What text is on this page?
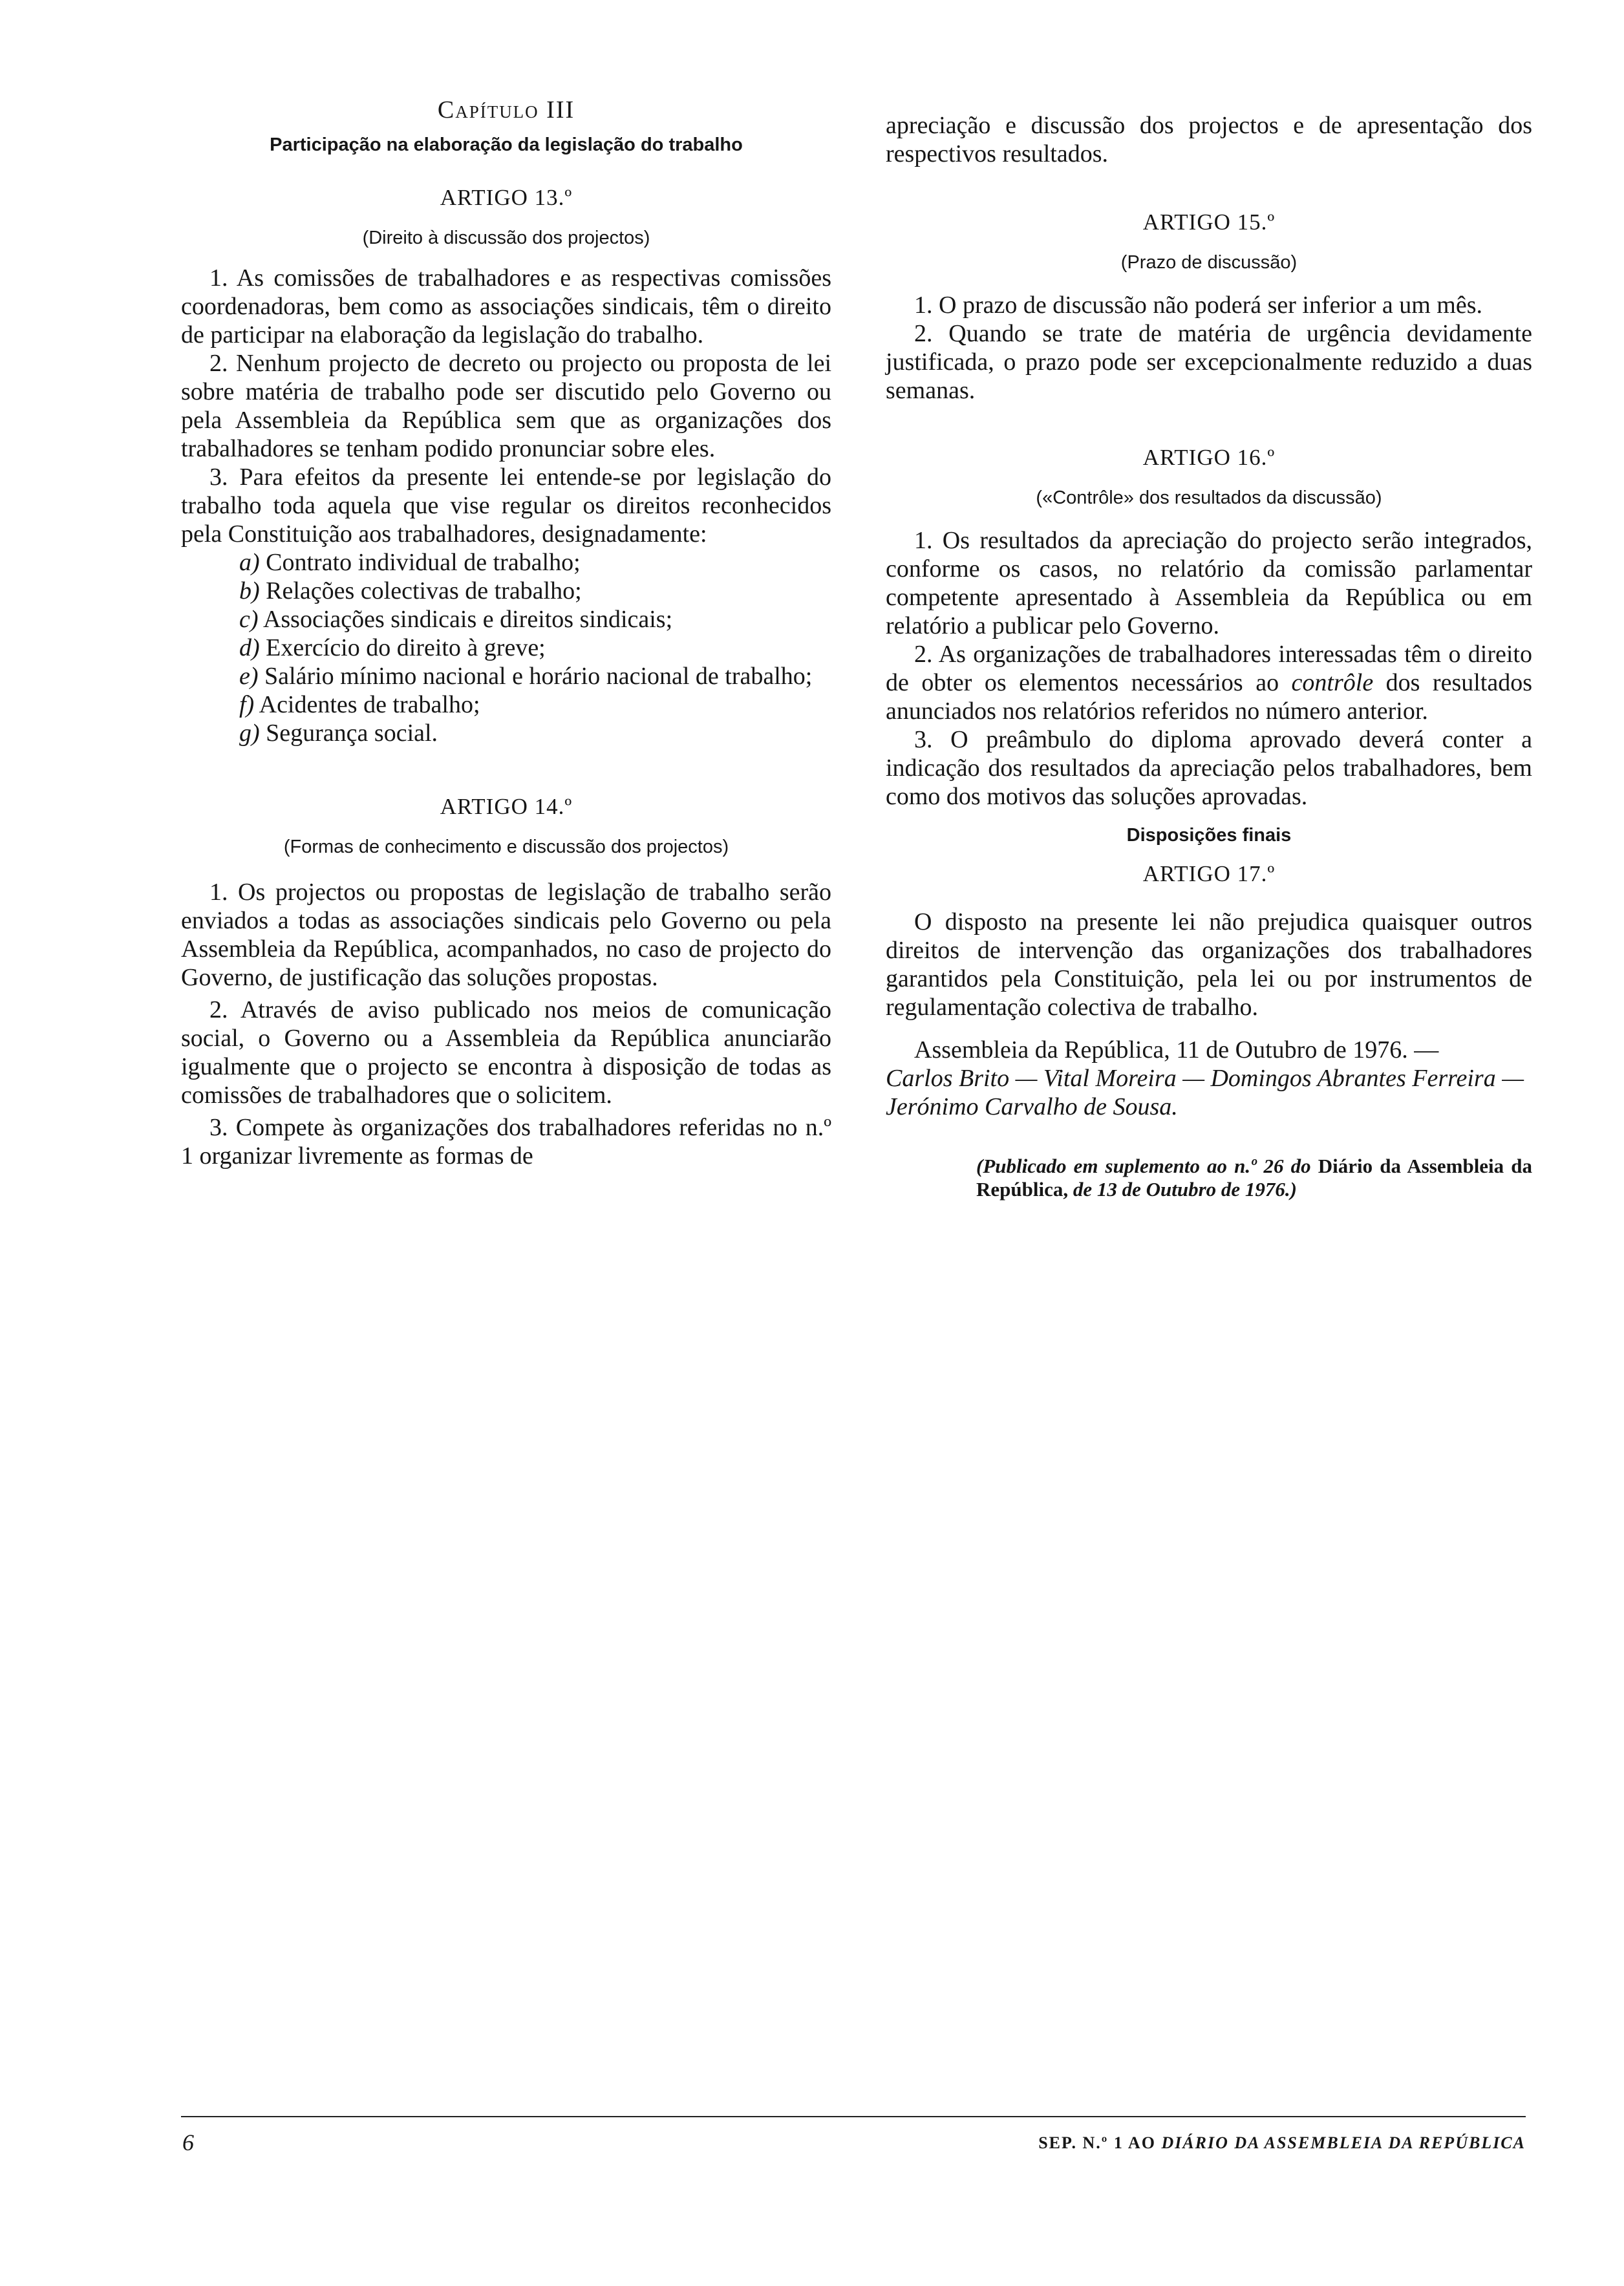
Capítulo III
Participação na elaboração da legislação do trabalho
ARTIGO 13.º
(Direito à discussão dos projectos)

1. As comissões de trabalhadores e as respectivas comissões coordenadoras, bem como as associações sindicais, têm o direito de participar na elaboração da legislação do trabalho.

2. Nenhum projecto de decreto ou projecto ou proposta de lei sobre matéria de trabalho pode ser discutido pelo Governo ou pela Assembleia da República sem que as organizações dos trabalhadores se tenham podido pronunciar sobre eles.

3. Para efeitos da presente lei entende-se por legislação do trabalho toda aquela que vise regular os direitos reconhecidos pela Constituição aos trabalhadores, designadamente:

a) Contrato individual de trabalho;
b) Relações colectivas de trabalho;
c) Associações sindicais e direitos sindicais;
d) Exercício do direito à greve;
e) Salário mínimo nacional e horário nacional de trabalho;
f) Acidentes de trabalho;
g) Segurança social.
ARTIGO 14.º
(Formas de conhecimento e discussão dos projectos)

1. Os projectos ou propostas de legislação de trabalho serão enviados a todas as associações sindicais pelo Governo ou pela Assembleia da República, acompanhados, no caso de projecto do Governo, de justificação das soluções propostas.

2. Através de aviso publicado nos meios de comunicação social, o Governo ou a Assembleia da República anunciarão igualmente que o projecto se encontra à disposição de todas as comissões de trabalhadores que o solicitem.

3. Compete às organizações dos trabalhadores referidas no n.º 1 organizar livremente as formas de

apreciação e discussão dos projectos e de apresentação dos respectivos resultados.

ARTIGO 15.º
(Prazo de discussão)

1. O prazo de discussão não poderá ser inferior a um mês.

2. Quando se trate de matéria de urgência devidamente justificada, o prazo pode ser excepcionalmente reduzido a duas semanas.

ARTIGO 16.º
(«Contrôle» dos resultados da discussão)

1. Os resultados da apreciação do projecto serão integrados, conforme os casos, no relatório da comissão parlamentar competente apresentado à Assembleia da República ou em relatório a publicar pelo Governo.

2. As organizações de trabalhadores interessadas têm o direito de obter os elementos necessários ao contrôle dos resultados anunciados nos relatórios referidos no número anterior.

3. O preâmbulo do diploma aprovado deverá conter a indicação dos resultados da apreciação pelos trabalhadores, bem como dos motivos das soluções aprovadas.

Disposições finais
ARTIGO 17.º

O disposto na presente lei não prejudica quaisquer outros direitos de intervenção das organizações dos trabalhadores garantidos pela Constituição, pela lei ou por instrumentos de regulamentação colectiva de trabalho.

Assembleia da República, 11 de Outubro de 1976. —

Carlos Brito — Vital Moreira — Domingos Abrantes Ferreira — Jerónimo Carvalho de Sousa.

(Publicado em suplemento ao n.º 26 do Diário da Assembleia da República, de 13 de Outubro de 1976.)
6	SEP. N.º 1 AO DIÁRIO DA ASSEMBLEIA DA REPÚBLICA
